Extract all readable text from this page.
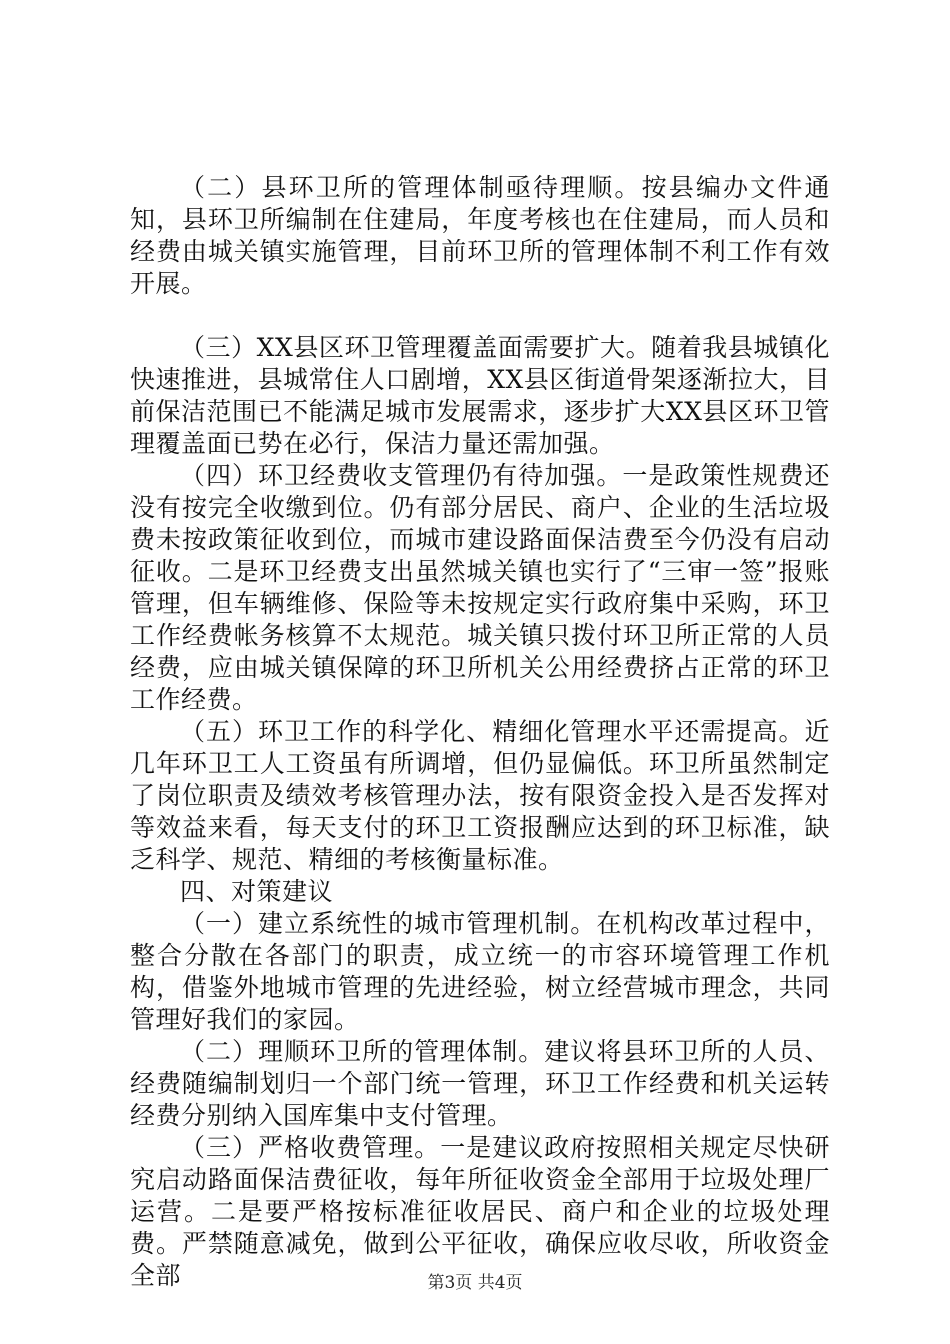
（二）县环卫所的管理体制亟待理顺。按县编办文件通知，县环卫所编制在住建局，年度考核也在住建局，而人员和经费由城关镇实施管理，目前环卫所的管理体制不利工作有效开展。

（三）XX县区环卫管理覆盖面需要扩大。随着我县城镇化快速推进，县城常住人口剧增，XX县区街道骨架逐渐拉大，目前保洁范围已不能满足城市发展需求，逐步扩大XX县区环卫管理覆盖面已势在必行，保洁力量还需加强。

（四）环卫经费收支管理仍有待加强。一是政策性规费还没有按完全收缴到位。仍有部分居民、商户、企业的生活垃圾费未按政策征收到位，而城市建设路面保洁费至今仍没有启动征收。二是环卫经费支出虽然城关镇也实行了“三审一签”报账管理，但车辆维修、保险等未按规定实行政府集中采购，环卫工作经费帐务核算不太规范。城关镇只拨付环卫所正常的人员经费，应由城关镇保障的环卫所机关公用经费挤占正常的环卫工作经费。

（五）环卫工作的科学化、精细化管理水平还需提高。近几年环卫工人工资虽有所调增，但仍显偏低。环卫所虽然制定了岗位职责及绩效考核管理办法，按有限资金投入是否发挥对等效益来看，每天支付的环卫工资报酬应达到的环卫标准，缺乏科学、规范、精细的考核衡量标准。

四、对策建议

（一）建立系统性的城市管理机制。在机构改革过程中，整合分散在各部门的职责，成立统一的市容环境管理工作机构，借鉴外地城市管理的先进经验，树立经营城市理念，共同管理好我们的家园。

（二）理顺环卫所的管理体制。建议将县环卫所的人员、经费随编制划归一个部门统一管理，环卫工作经费和机关运转经费分别纳入国库集中支付管理。

（三）严格收费管理。一是建议政府按照相关规定尽快研究启动路面保洁费征收，每年所征收资金全部用于垃圾处理厂运营。二是要严格按标准征收居民、商户和企业的垃圾处理费。严禁随意减免，做到公平征收，确保应收尽收，所收资金全部	第3页 共4页
